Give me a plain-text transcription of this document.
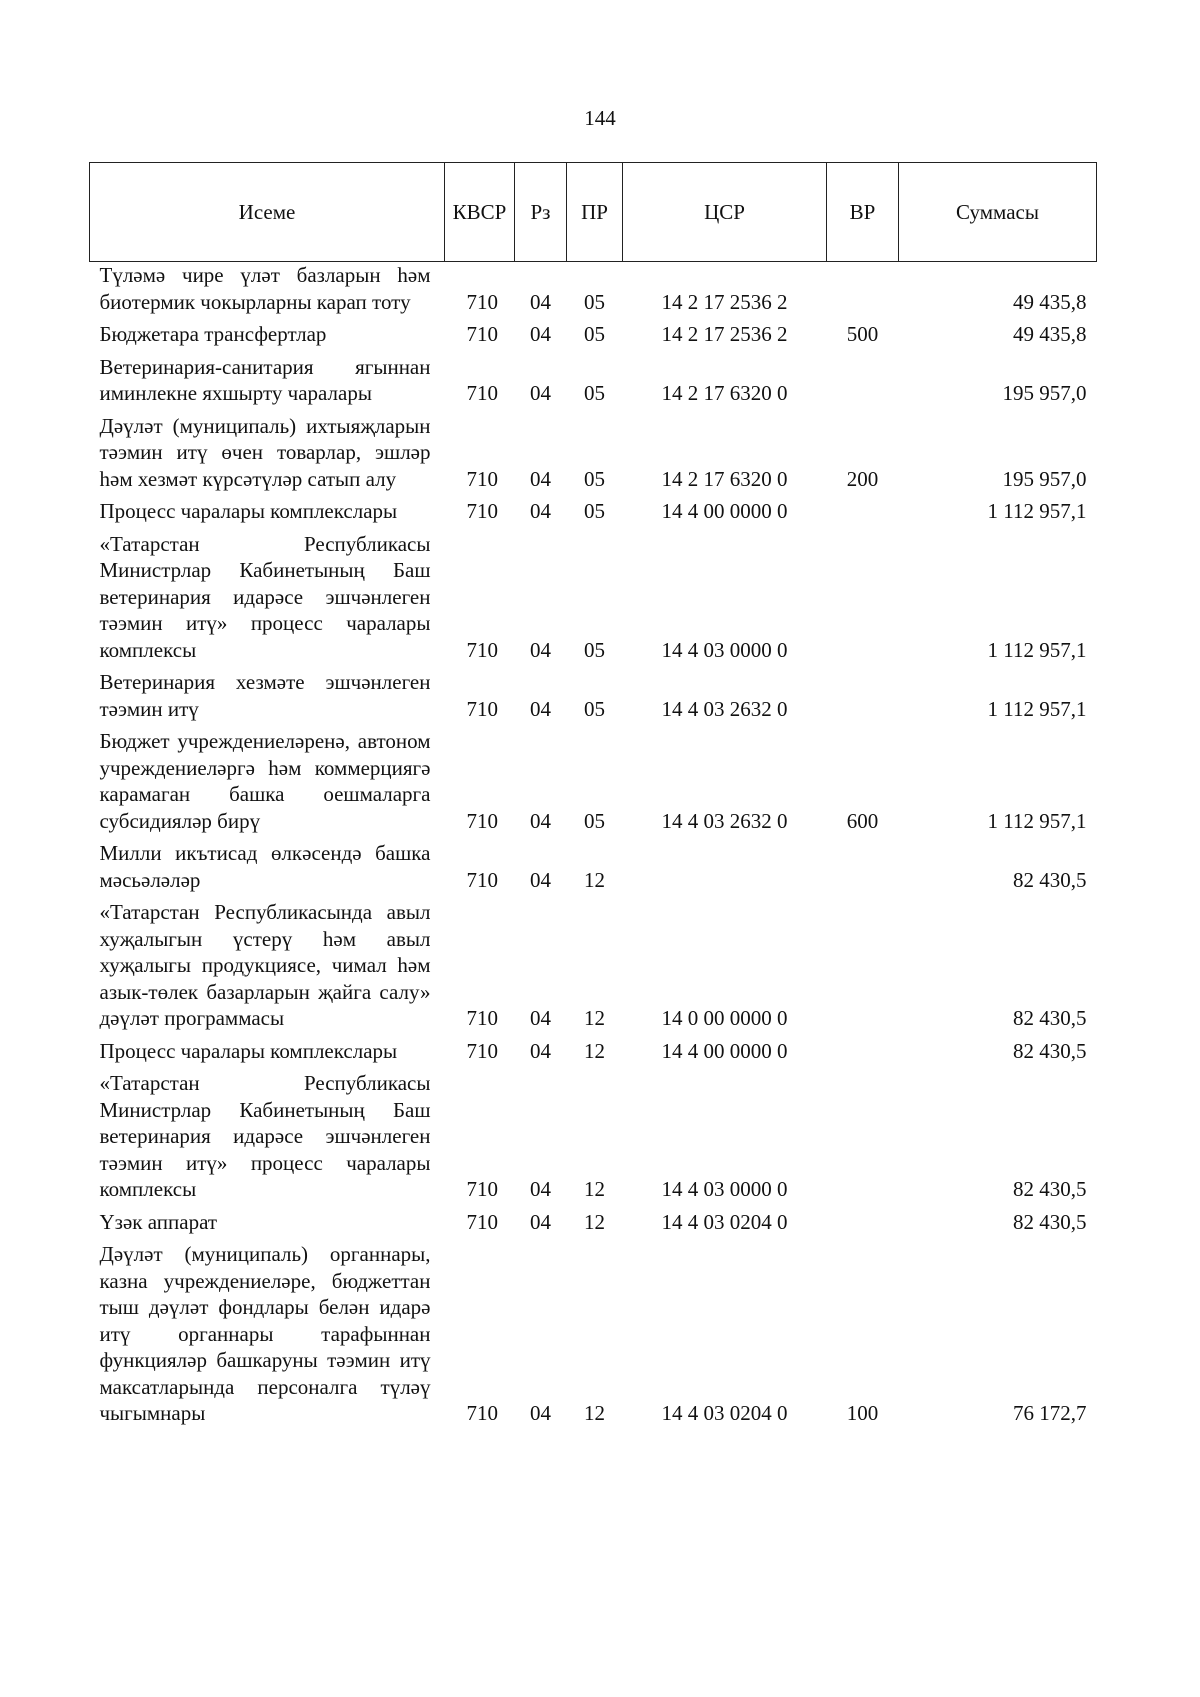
144
Исеме	КВСР	Рз	ПР	ЦСР	ВР	Суммасы
Түләмә чире үләт базларын һәм биотермик чокырларны карап тоту	710	04	05	14 2 17 2536 2		49 435,8
Бюджетара трансфертлар	710	04	05	14 2 17 2536 2	500	49 435,8
Ветеринария-санитария ягыннан иминлекне яхшырту чаралары	710	04	05	14 2 17 6320 0		195 957,0
Дәүләт (муниципаль) ихтыяҗларын тәэмин итү өчен товарлар, эшләр һәм хезмәт күрсәтүләр сатып алу	710	04	05	14 2 17 6320 0	200	195 957,0
Процесс чаралары комплекслары	710	04	05	14 4 00 0000 0		1 112 957,1
«Татарстан Республикасы Министрлар Кабинетының Баш ветеринария идарәсе эшчәнлеген тәэмин итү» процесс чаралары комплексы	710	04	05	14 4 03 0000 0		1 112 957,1
Ветеринария хезмәте эшчәнлеген тәэмин итү	710	04	05	14 4 03 2632 0		1 112 957,1
Бюджет учреждениеләренә, автоном учреждениеләргә һәм коммерциягә карамаган башка оешмаларга субсидияләр бирү	710	04	05	14 4 03 2632 0	600	1 112 957,1
Милли икътисад өлкәсендә башка мәсьәләләр	710	04	12			82 430,5
«Татарстан Республикасында авыл хуҗалыгын үстерү һәм авыл хуҗалыгы продукциясе, чимал һәм азык-төлек базарларын җайга салу» дәүләт программасы	710	04	12	14 0 00 0000 0		82 430,5
Процесс чаралары комплекслары	710	04	12	14 4 00 0000 0		82 430,5
«Татарстан Республикасы Министрлар Кабинетының Баш ветеринария идарәсе эшчәнлеген тәэмин итү» процесс чаралары комплексы	710	04	12	14 4 03 0000 0		82 430,5
Үзәк аппарат	710	04	12	14 4 03 0204 0		82 430,5
Дәүләт (муниципаль) органнары, казна учреждениеләре, бюджеттан тыш дәүләт фондлары белән идарә итү органнары тарафыннан функцияләр башкаруны тәэмин итү максатларында персоналга түләү чыгымнары	710	04	12	14 4 03 0204 0	100	76 172,7
